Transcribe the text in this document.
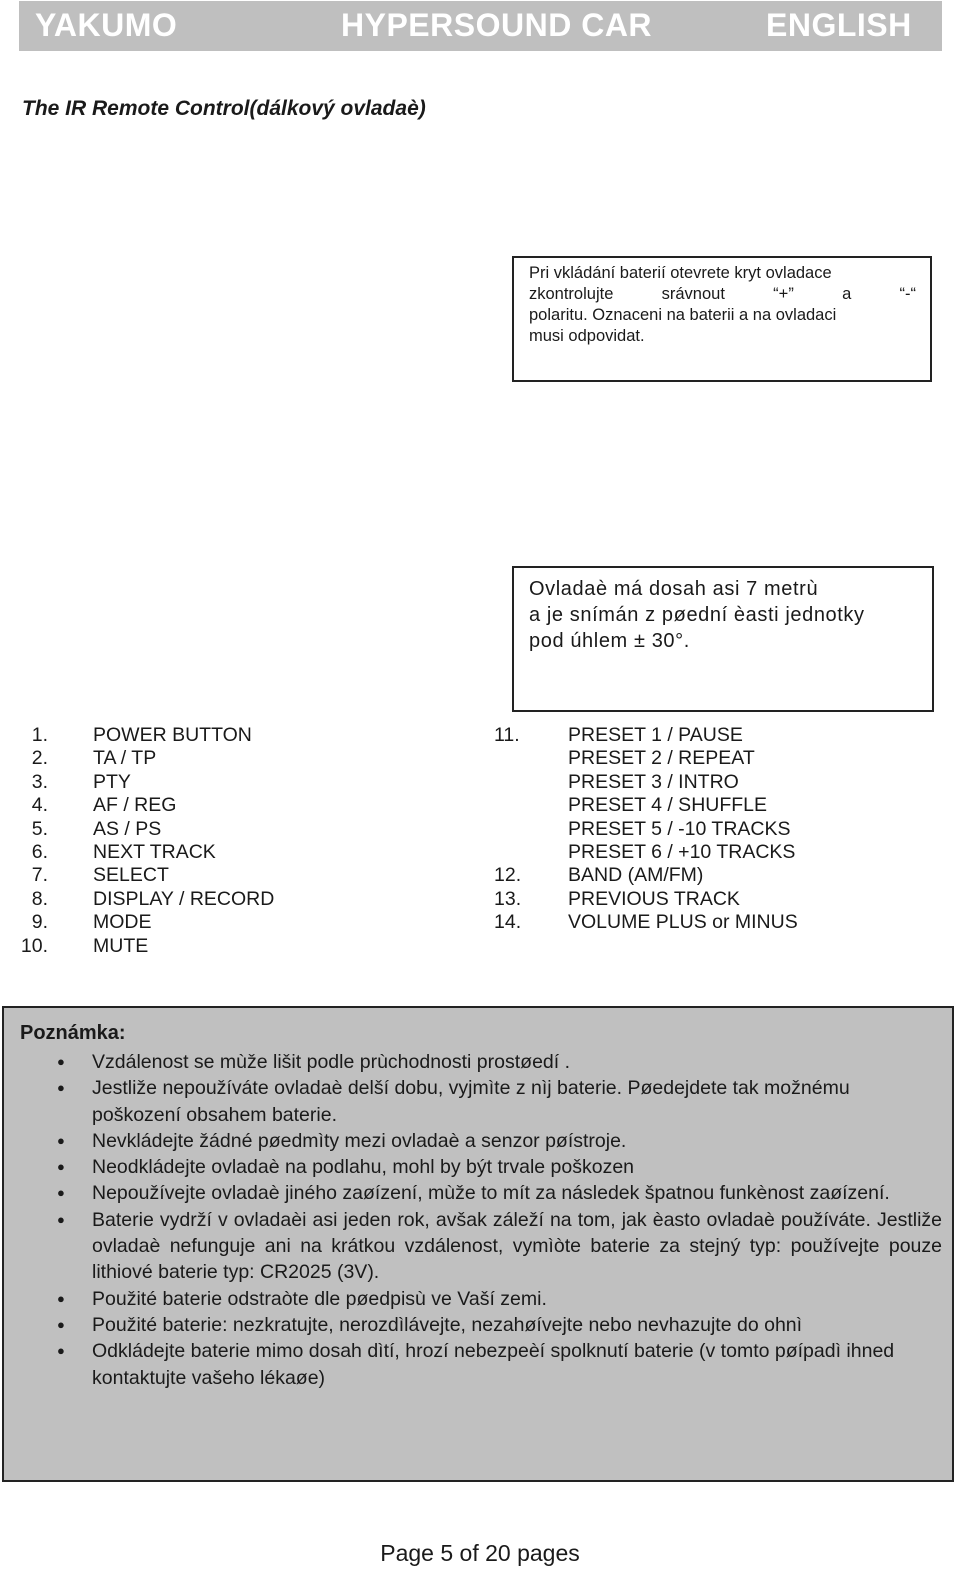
YAKUMO	HYPERSOUND CAR	ENGLISH
The IR Remote Control(dálkový ovladaè)

Pri vkládání baterií otevrete kryt ovladace

zkontrolujte srávnout “+” a “-“
polaritu. Oznaceni na baterii a na ovladaci
musi odpovidat.

Ovladaè má dosah asi 7 metrù
a je snímán z pøední èasti jednotky
pod úhlem ± 30°.

1. POWER BUTTON
2. TA / TP
3. PTY
4. AF / REG
5. AS / PS
6. NEXT TRACK
7. SELECT
8. DISPLAY / RECORD
9. MODE
10. MUTE
11. PRESET 1 / PAUSE
PRESET 2 / REPEAT
PRESET 3 / INTRO
PRESET 4 / SHUFFLE
PRESET 5 / -10 TRACKS
PRESET 6 / +10 TRACKS
12. BAND (AM/FM)
13. PREVIOUS TRACK
14. VOLUME PLUS or MINUS
Poznámka:
● Vzdálenost se mùže lišit podle prùchodnosti prostøedí .
● Jestliže nepoužíváte ovladaè delší dobu, vyjmìte z nìj baterie. Pøedejdete tak možnému poškození obsahem baterie.
● Nevkládejte žádné pøedmìty mezi ovladaè a senzor pøístroje.
● Neodkládejte ovladaè na podlahu, mohl by být trvale poškozen
● Nepoužívejte ovladaè jiného zaøízení, mùže to mít za následek špatnou funkènost zaøízení.
● Baterie vydrží v ovladaèi asi jeden rok, avšak záleží na tom, jak èasto ovladaè používáte. Jestliže ovladaè nefunguje ani na krátkou vzdálenost, vymìòte baterie za stejný typ: používejte pouze lithiové baterie typ: CR2025 (3V).
● Použité baterie odstraòte dle pøedpisù ve Vaší zemi.
● Použité baterie: nezkratujte, nerozdìlávejte, nezahøívejte nebo nevhazujte do ohnì
● Odkládejte baterie mimo dosah dìtí, hrozí nebezpeèí spolknutí baterie (v tomto pøípadì ihned kontaktujte vašeho lékaøe)
Page 5 of 20 pages
